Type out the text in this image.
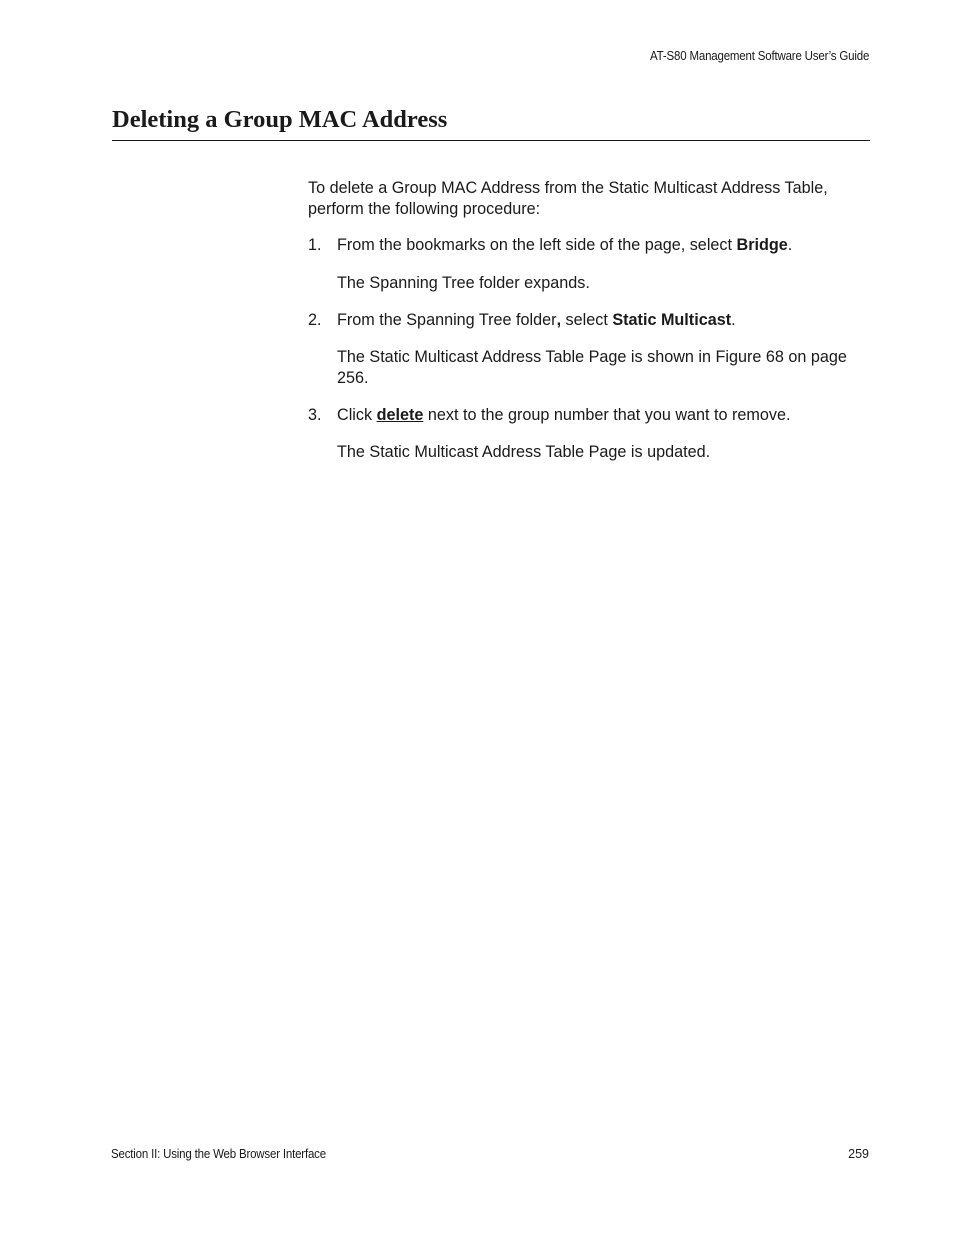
AT-S80 Management Software User’s Guide
Deleting a Group MAC Address

To delete a Group MAC Address from the Static Multicast Address Table, perform the following procedure:

1. From the bookmarks on the left side of the page, select Bridge.

The Spanning Tree folder expands.

2. From the Spanning Tree folder, select Static Multicast.

The Static Multicast Address Table Page is shown in Figure 68 on page 256.

3. Click delete next to the group number that you want to remove.

The Static Multicast Address Table Page is updated.

Section II: Using the Web Browser Interface	259
